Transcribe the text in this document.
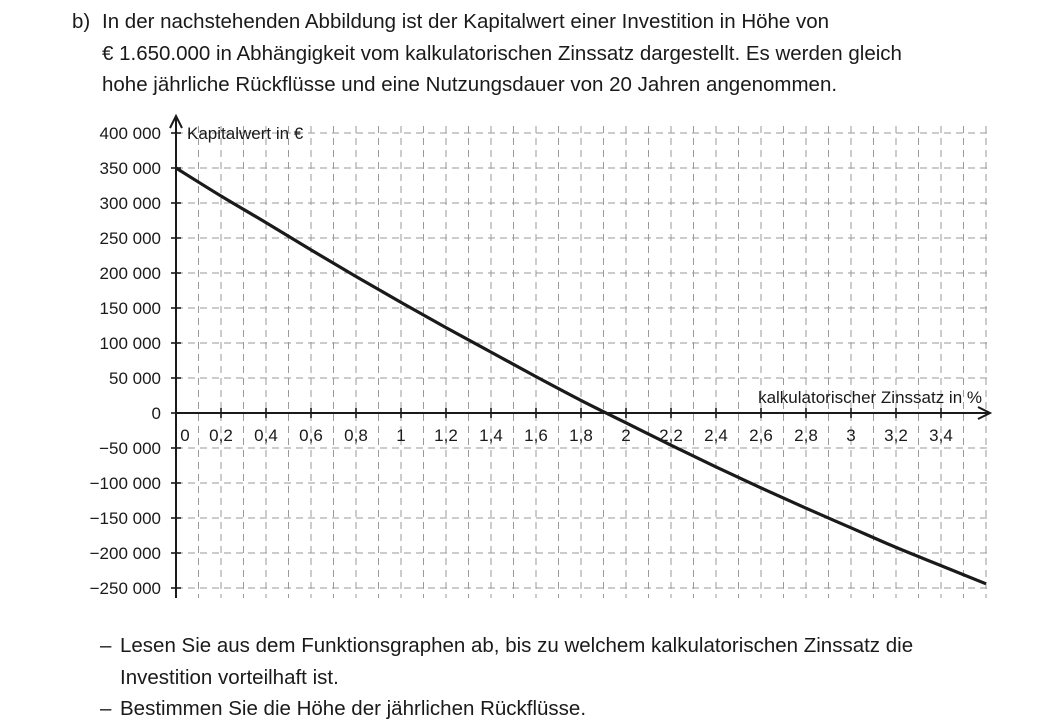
b) In der nachstehenden Abbildung ist der Kapitalwert einer Investition in Höhe von
€ 1.650.000 in Abhängigkeit vom kalkulatorischen Zinssatz dargestellt. Es werden gleich
hohe jährliche Rückflüsse und eine Nutzungsdauer von 20 Jahren angenommen.
400 000
350 000
300 000
250 000
200 000
150 000
100 000
50 000
0
−50 000
−100 000
−150 000
−200 000
−250 000
0 0,2 0,4 0,6 0,8 1 1,2 1,4 1,6 1,8 2 2,2 2,4 2,6 2,8 3 3,2 3,4
Kapitalwert in €
kalkulatorischer Zinssatz in %
– Lesen Sie aus dem Funktionsgraphen ab, bis zu welchem kalkulatorischen Zinssatz die
Investition vorteilhaft ist.
– Bestimmen Sie die Höhe der jährlichen Rückflüsse.
